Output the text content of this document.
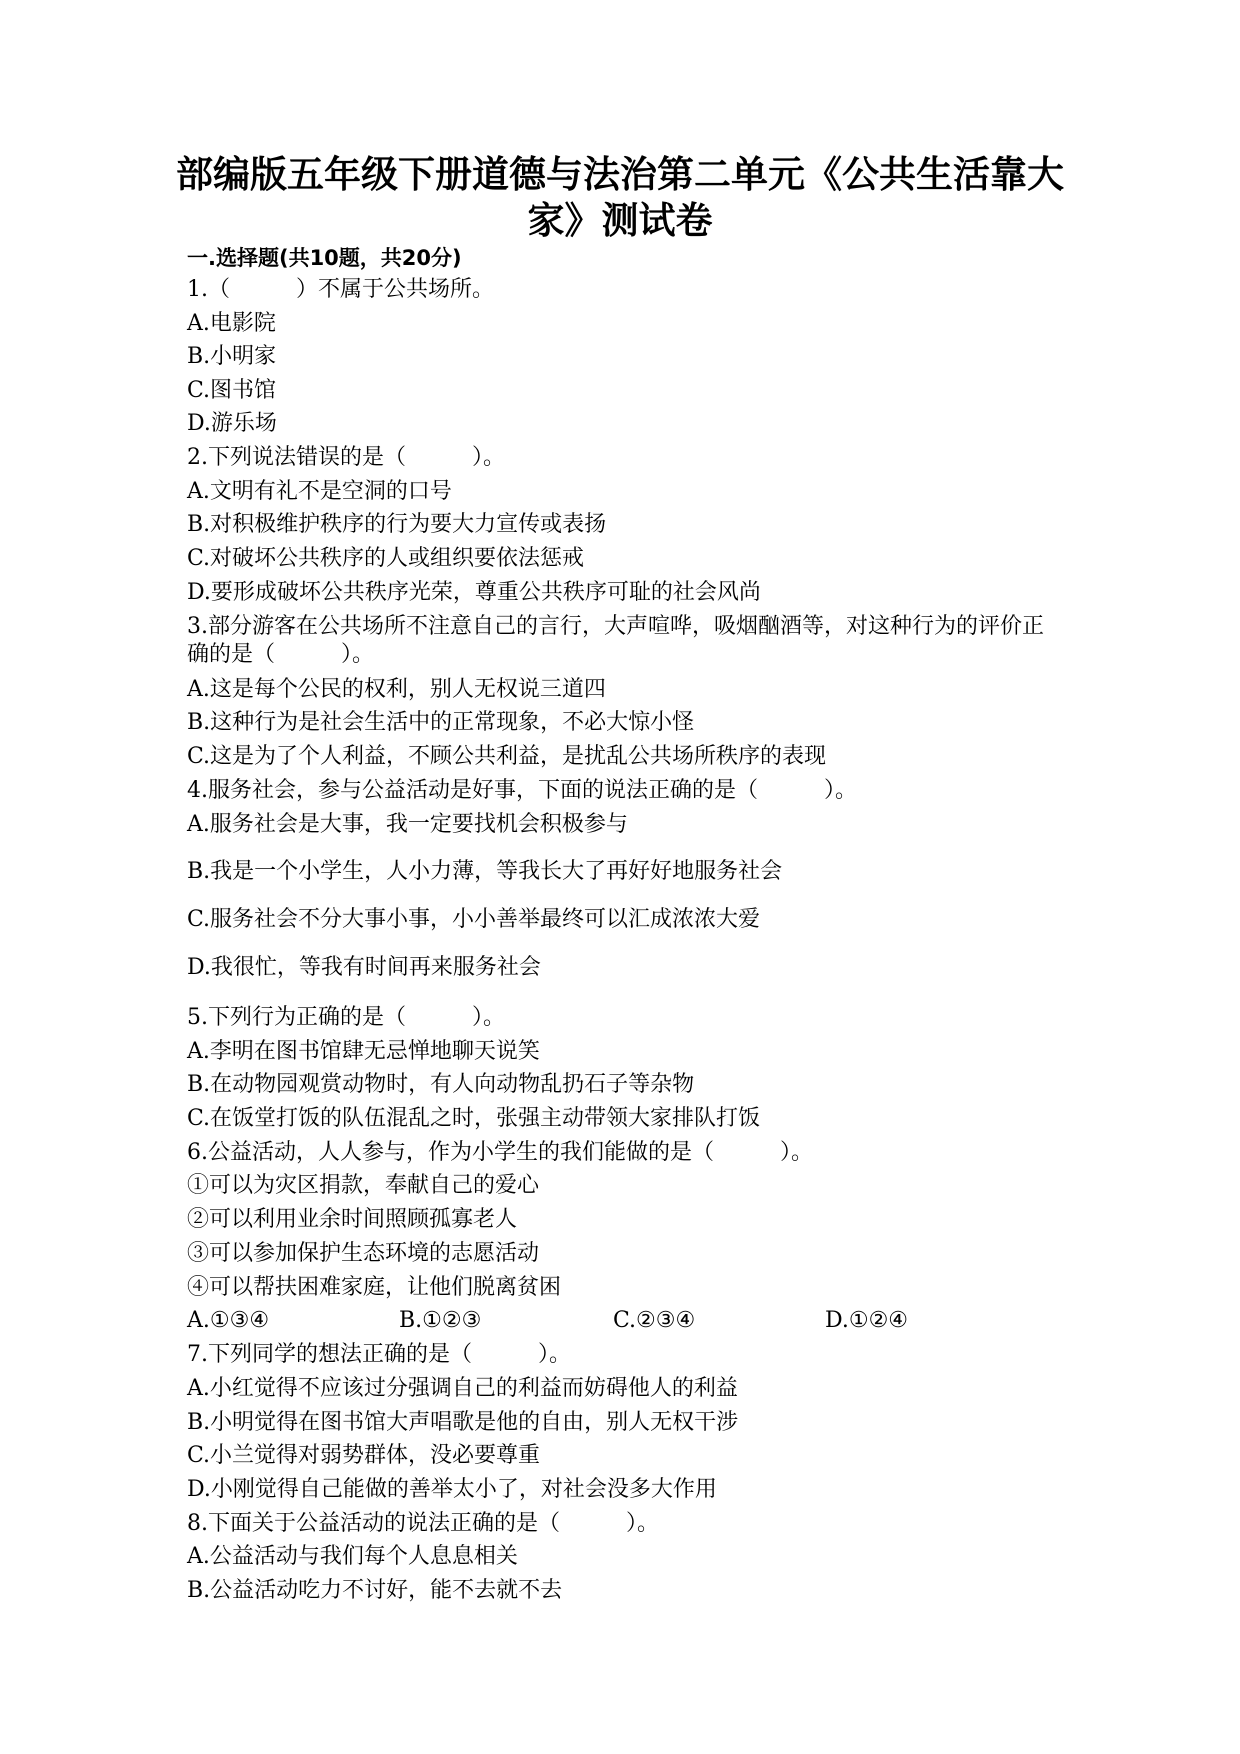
部编版五年级下册道德与法治第二单元《公共生活靠大家》测试卷
一.选择题(共10题，共20分)
1.（　　　）不属于公共场所。
A.电影院
B.小明家
C.图书馆
D.游乐场
2.下列说法错误的是（　　　）。
A.文明有礼不是空洞的口号
B.对积极维护秩序的行为要大力宣传或表扬
C.对破坏公共秩序的人或组织要依法惩戒
D.要形成破坏公共秩序光荣，尊重公共秩序可耻的社会风尚
3.部分游客在公共场所不注意自己的言行，大声喧哗，吸烟酗酒等，对这种行为的评价正确的是（　　　）。
A.这是每个公民的权利，别人无权说三道四
B.这种行为是社会生活中的正常现象，不必大惊小怪
C.这是为了个人利益，不顾公共利益，是扰乱公共场所秩序的表现
4.服务社会，参与公益活动是好事，下面的说法正确的是（　　　）。
A.服务社会是大事，我一定要找机会积极参与
B.我是一个小学生，人小力薄，等我长大了再好好地服务社会
C.服务社会不分大事小事，小小善举最终可以汇成浓浓大爱
D.我很忙，等我有时间再来服务社会
5.下列行为正确的是（　　　）。
A.李明在图书馆肆无忌惮地聊天说笑
B.在动物园观赏动物时，有人向动物乱扔石子等杂物
C.在饭堂打饭的队伍混乱之时，张强主动带领大家排队打饭
6.公益活动，人人参与，作为小学生的我们能做的是（　　　）。
①可以为灾区捐款，奉献自己的爱心
②可以利用业余时间照顾孤寡老人
③可以参加保护生态环境的志愿活动
④可以帮扶困难家庭，让他们脱离贫困
A.①③④	B.①②③	C.②③④	D.①②④
7.下列同学的想法正确的是（　　　）。
A.小红觉得不应该过分强调自己的利益而妨碍他人的利益
B.小明觉得在图书馆大声唱歌是他的自由，别人无权干涉
C.小兰觉得对弱势群体，没必要尊重
D.小刚觉得自己能做的善举太小了，对社会没多大作用
8.下面关于公益活动的说法正确的是（　　　）。
A.公益活动与我们每个人息息相关
B.公益活动吃力不讨好，能不去就不去
